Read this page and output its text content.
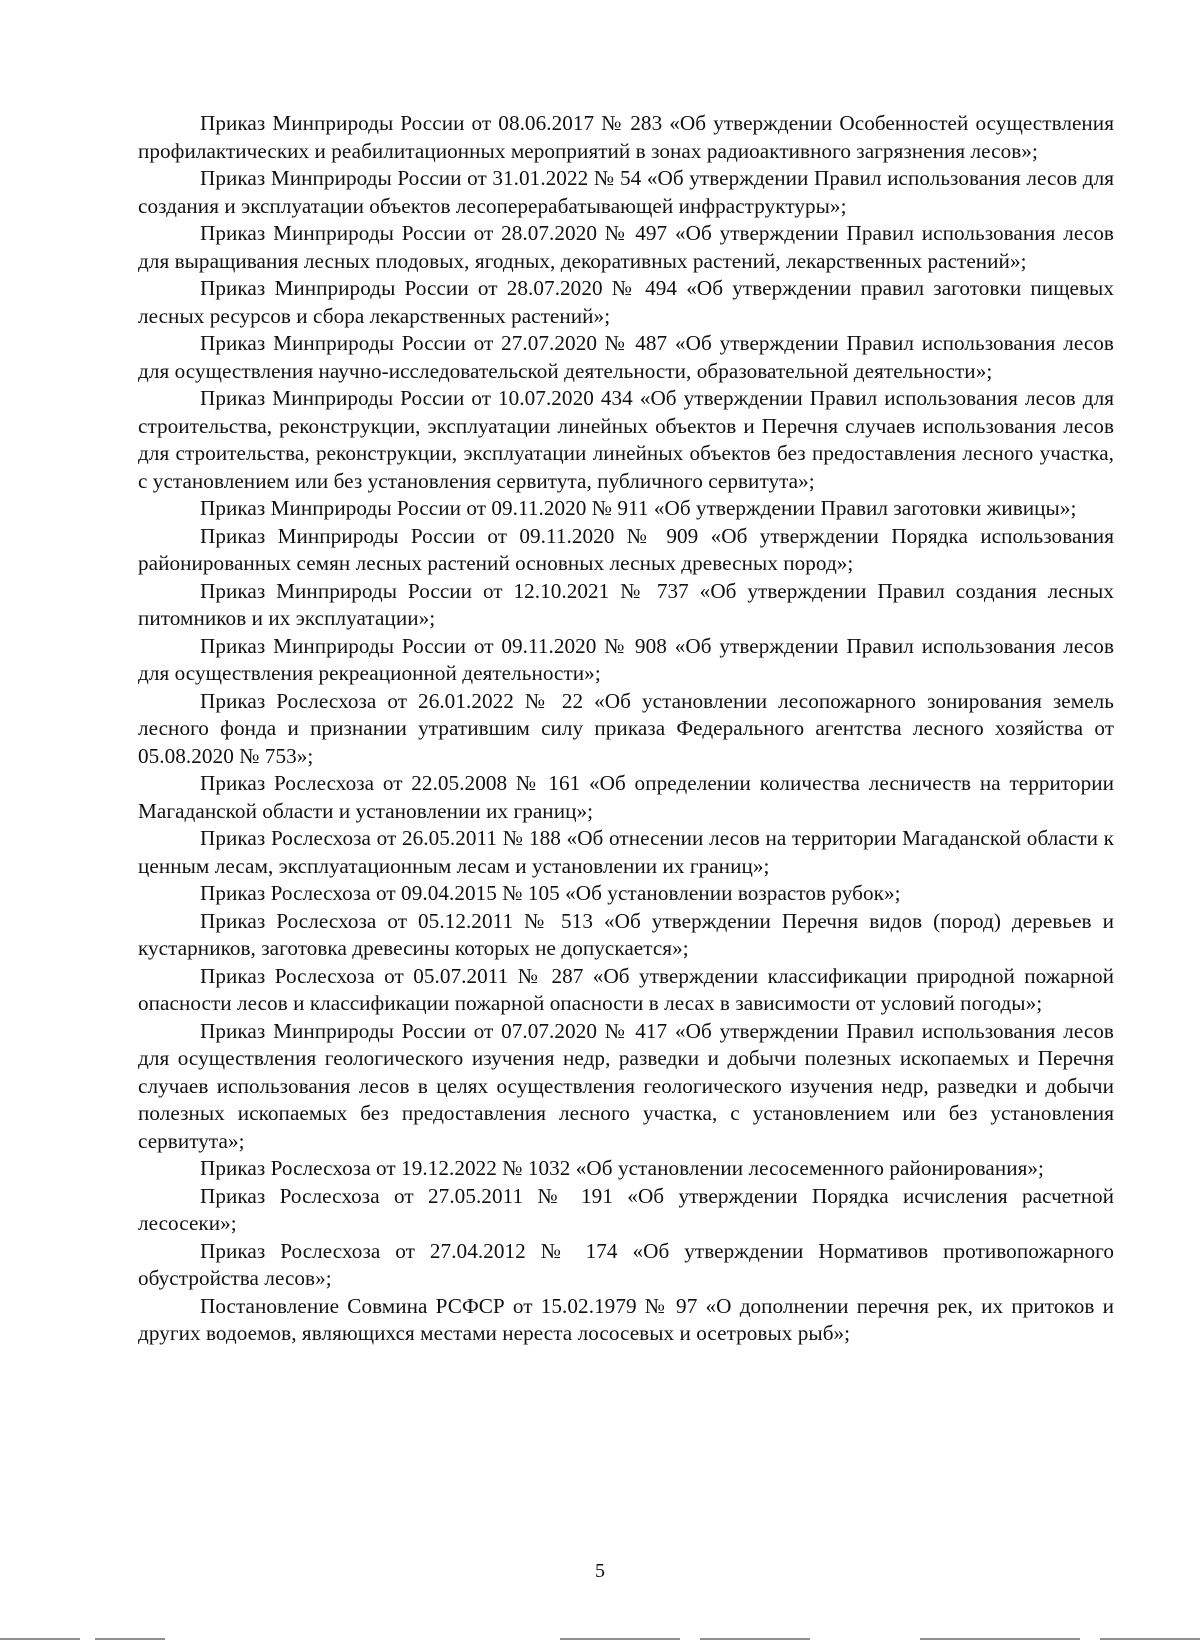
Приказ Минприроды России от 08.06.2017 № 283 «Об утверждении Особенностей осуществления профилактических и реабилитационных мероприятий в зонах радиоактивного загрязнения лесов»;

Приказ Минприроды России от 31.01.2022 № 54 «Об утверждении Правил использования лесов для создания и эксплуатации объектов лесоперерабатывающей инфраструктуры»;

Приказ Минприроды России от 28.07.2020 № 497 «Об утверждении Правил использования лесов для выращивания лесных плодовых, ягодных, декоративных растений, лекарственных растений»;

Приказ Минприроды России от 28.07.2020 № 494 «Об утверждении правил заготовки пищевых лесных ресурсов и сбора лекарственных растений»;

Приказ Минприроды России от 27.07.2020 № 487 «Об утверждении Правил использования лесов для осуществления научно-исследовательской деятельности, образовательной деятельности»;

Приказ Минприроды России от 10.07.2020 434 «Об утверждении Правил использования лесов для строительства, реконструкции, эксплуатации линейных объектов и Перечня случаев использования лесов для строительства, реконструкции, эксплуатации линейных объектов без предоставления лесного участка, с установлением или без установления сервитута, публичного сервитута»;

Приказ Минприроды России от 09.11.2020 № 911 «Об утверждении Правил заготовки живицы»;

Приказ Минприроды России от 09.11.2020 № 909 «Об утверждении Порядка использования районированных семян лесных растений основных лесных древесных пород»;

Приказ Минприроды России от 12.10.2021 № 737 «Об утверждении Правил создания лесных питомников и их эксплуатации»;

Приказ Минприроды России от 09.11.2020 № 908 «Об утверждении Правил использования лесов для осуществления рекреационной деятельности»;

Приказ Рослесхоза от 26.01.2022 № 22 «Об установлении лесопожарного зонирования земель лесного фонда и признании утратившим силу приказа Федерального агентства лесного хозяйства от 05.08.2020 № 753»;

Приказ Рослесхоза от 22.05.2008 № 161 «Об определении количества лесничеств на территории Магаданской области и установлении их границ»;

Приказ Рослесхоза от 26.05.2011 № 188 «Об отнесении лесов на территории Магаданской области к ценным лесам, эксплуатационным лесам и установлении их границ»;

Приказ Рослесхоза от 09.04.2015 № 105 «Об установлении возрастов рубок»;

Приказ Рослесхоза от 05.12.2011 № 513 «Об утверждении Перечня видов (пород) деревьев и кустарников, заготовка древесины которых не допускается»;

Приказ Рослесхоза от 05.07.2011 № 287 «Об утверждении классификации природной пожарной опасности лесов и классификации пожарной опасности в лесах в зависимости от условий погоды»;

Приказ Минприроды России от 07.07.2020 № 417 «Об утверждении Правил использования лесов для осуществления геологического изучения недр, разведки и добычи полезных ископаемых и Перечня случаев использования лесов в целях осуществления геологического изучения недр, разведки и добычи полезных ископаемых без предоставления лесного участка, с установлением или без установления сервитута»;

Приказ Рослесхоза от 19.12.2022 № 1032 «Об установлении лесосеменного районирования»;

Приказ Рослесхоза от 27.05.2011 № 191 «Об утверждении Порядка исчисления расчетной лесосеки»;

Приказ Рослесхоза от 27.04.2012 № 174 «Об утверждении Нормативов противопожарного обустройства лесов»;

Постановление Совмина РСФСР от 15.02.1979 № 97 «О дополнении перечня рек, их притоков и других водоемов, являющихся местами нереста лососевых и осетровых рыб»;

5
